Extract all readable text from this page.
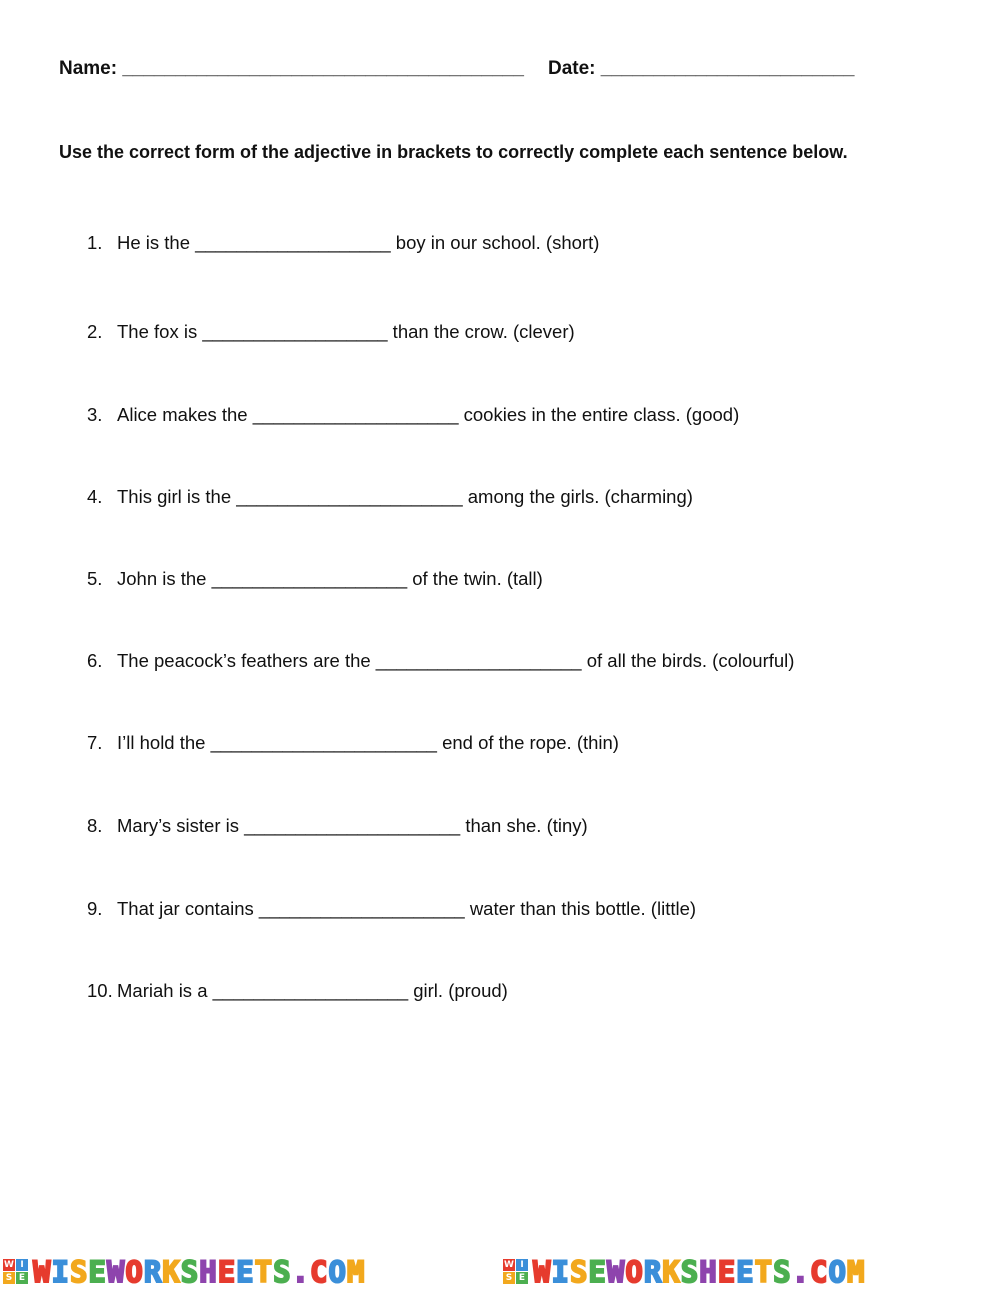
Name: ______________________________________ Date: ________________________
Use the correct form of the adjective in brackets to correctly complete each sentence below.
1. He is the ___________________ boy in our school. (short)
2. The fox is __________________ than the crow. (clever)
3. Alice makes the ____________________ cookies in the entire class. (good)
4. This girl is the ______________________ among the girls. (charming)
5. John is the ___________________ of the twin. (tall)
6. The peacock’s feathers are the ____________________ of all the birds. (colourful)
7. I’ll hold the ______________________ end of the rope. (thin)
8. Mary’s sister is _____________________ than she. (tiny)
9. That jar contains ____________________ water than this bottle. (little)
10. Mariah is a ___________________ girl. (proud)
W I
S E WISEWORKSHEETS.COM	W I
S E WISEWORKSHEETS.COM
